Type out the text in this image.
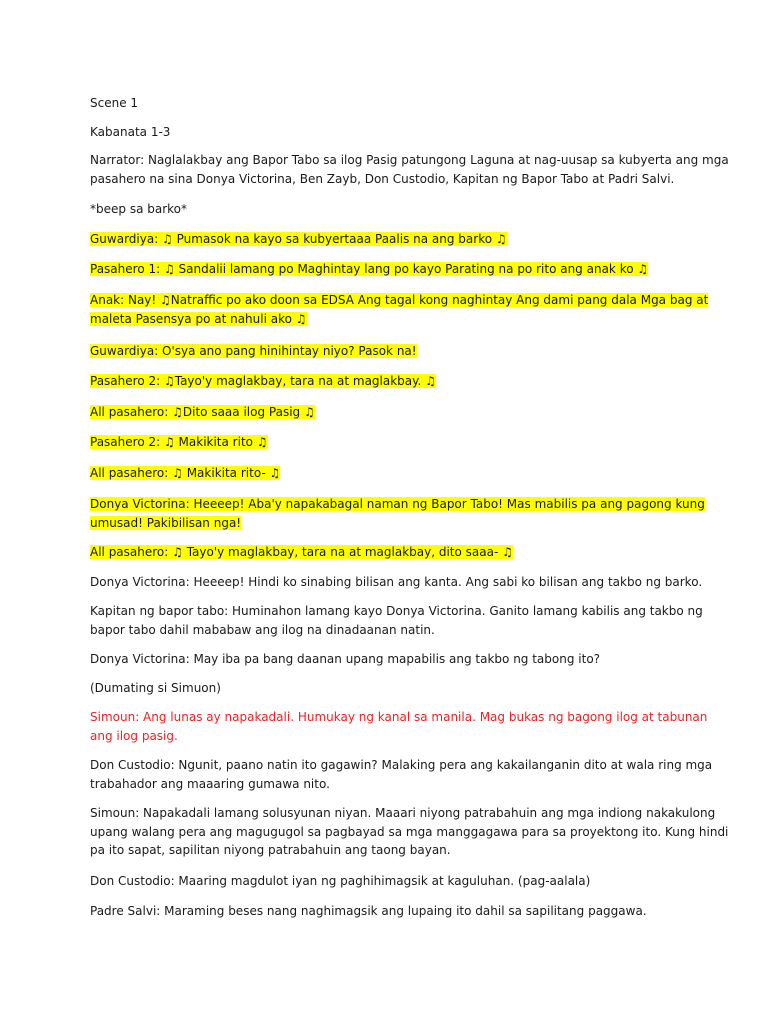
Scene 1
Kabanata 1-3
Narrator: Naglalakbay ang Bapor Tabo sa ilog Pasig patungong Laguna at nag-uusap sa kubyerta ang mga
pasahero na sina Donya Victorina, Ben Zayb, Don Custodio, Kapitan ng Bapor Tabo at Padri Salvi.
*beep sa barko*
Guwardiya: ♫ Pumasok na kayo sa kubyertaaa Paalis na ang barko ♫
Pasahero 1: ♫ Sandalii lamang po Maghintay lang po kayo Parating na po rito ang anak ko ♫
Anak: Nay! ♫Natraffic po ako doon sa EDSA Ang tagal kong naghintay Ang dami pang dala Mga bag at
maleta Pasensya po at nahuli ako ♫
Guwardiya: O'sya ano pang hinihintay niyo? Pasok na!
Pasahero 2: ♫Tayo'y maglakbay, tara na at maglakbay. ♫
All pasahero: ♫Dito saaa ilog Pasig ♫
Pasahero 2: ♫ Makikita rito ♫
All pasahero: ♫ Makikita rito- ♫
Donya Victorina: Heeeep! Aba'y napakabagal naman ng Bapor Tabo! Mas mabilis pa ang pagong kung
umusad! Pakibilisan nga!
All pasahero: ♫ Tayo'y maglakbay, tara na at maglakbay, dito saaa- ♫
Donya Victorina: Heeeep! Hindi ko sinabing bilisan ang kanta. Ang sabi ko bilisan ang takbo ng barko.
Kapitan ng bapor tabo: Huminahon lamang kayo Donya Victorina. Ganito lamang kabilis ang takbo ng
bapor tabo dahil mababaw ang ilog na dinadaanan natin.
Donya Victorina: May iba pa bang daanan upang mapabilis ang takbo ng tabong ito?
(Dumating si Simuon)
Simoun: Ang lunas ay napakadali. Humukay ng kanal sa manila. Mag bukas ng bagong ilog at tabunan
ang ilog pasig.
Don Custodio: Ngunit, paano natin ito gagawin? Malaking pera ang kakailanganin dito at wala ring mga
trabahador ang maaaring gumawa nito.
Simoun: Napakadali lamang solusyunan niyan. Maaari niyong patrabahuin ang mga indiong nakakulong
upang walang pera ang magugugol sa pagbayad sa mga manggagawa para sa proyektong ito. Kung hindi
pa ito sapat, sapilitan niyong patrabahuin ang taong bayan.
Don Custodio: Maaring magdulot iyan ng paghihimagsik at kaguluhan. (pag-aalala)
Padre Salvi: Maraming beses nang naghimagsik ang lupaing ito dahil sa sapilitang paggawa.
